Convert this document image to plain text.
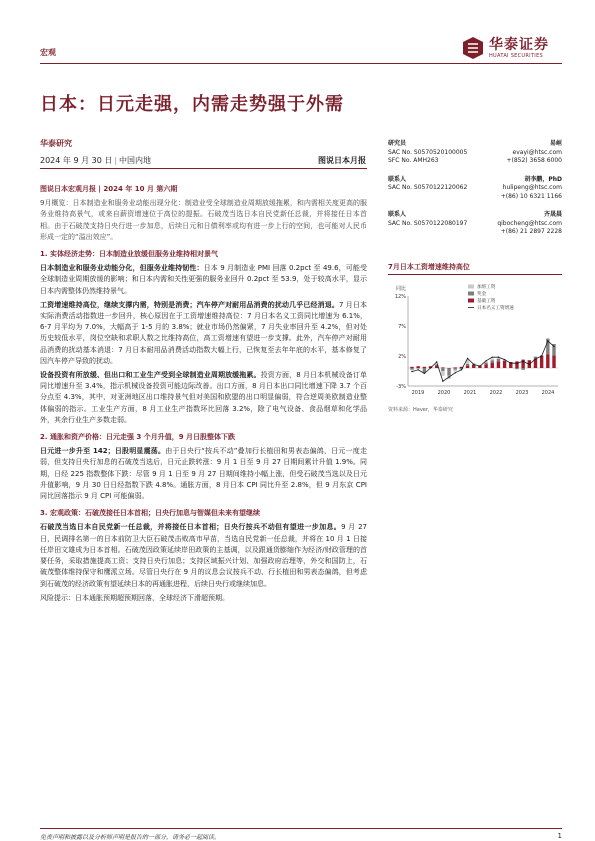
宏观	华泰证券
HUATAI SECURITIES
日本：日元走强，内需走势强于外需
华泰研究
2024 年 9 月 30 日 | 中国内地	图说日本月报
研究员	易峘
SAC No. S0570520100005	evayi@htsc.com
SFC No. AMH263	+(852) 3658 6000
联系人	胡李鹏，PhD
SAC No. S0570122120062	hulipeng@htsc.com
+(86) 10 6321 1166
联系人	齐晟晨
SAC No. S0570122080197	qibocheng@htsc.com
+(86) 21 2897 2228

图说日本宏观月报 | 2024 年 10 月 第六期

9月概览：日本制造业和服务业动能出现分化：制造业受全球制造业周期放缓拖累，和内需相关度更高的服务业维持高景气，或来自薪资增速位于高位的提振。石破茂当选日本自民党新任总裁，并将接任日本首相。由于石破茂支持日央行进一步加息，后续日元和日债利率或均有进一步上行的空间，也可能对人民币形成一定的“溢出效应”。

1. 实体经济走势：日本制造业放缓但服务业维持相对景气

日本制造业和服务业动能分化，但服务业维持韧性：日本 9 月制造业 PMI 回落 0.2pct 至 49.6，可能受全球制造业周期放缓的影响；和日本内需和关性更强的服务业回升 0.2pct 至 53.9，处于较高水平，显示日本内需整体仍然维持景气。

工资增速维持高位，继续支撑内需，特别是消费；汽车停产对耐用品消费的扰动几乎已经消退。7 月日本实际消费活动指数进一步回升，核心原因在于工资增速维持高位：7 月日本名义工资同比增速为 6.1%，6-7 月平均为 7.0%，大幅高于 1-5 月的 3.8%；就业市场仍然偏紧，7 月失业率回升至 4.2%，但对处历史较低水平，岗位空缺和求职人数之比维持高位，高工资增速有望进一步支撑。此外，汽车停产对耐用品消费的扰动基本消退：7 月日本耐用品消费活动指数大幅上行，已恢复至去年年底的水平，基本修复了因汽车停产导致的扰动。

设备投资有所放缓、但出口和工业生产受到全球制造业周期放缓拖累。投资方面，8 月日本机械设备订单同比增速升至 3.4%，指示机械设备投资可能边际改善。出口方面，8 月日本出口同比增速下降 3.7 个百分点至 4.3%，其中，对亚洲地区出口维持景气但对美国和欧盟的出口明显偏弱，符合逆周美欧制造业整体偏弱的指示。工业生产方面，8 月工业生产指数环比回落 3.2%，除了电气设备、食品烟草和化学品外，其余行业生产多数走弱。

2. 通胀和资产价格：日元走强 3 个月升值，9 月日股整体下跌

日元进一步升至 142；日股明显震荡。由于日央行“按兵不动”叠加行长植田和男表态偏鸽，日元一度走弱，但支持日央行加息的石破茂当选后，日元止跌转涨：9 月 1 日至 9 月 27 日期间累计升值 1.9%。同期，日经 225 指数整体下跌：尽管 9 月 1 日至 9 月 27 日期间维持小幅上涨，但受石破茂当选以及日元升值影响，9 月 30 日日经指数下跌 4.8%。通胀方面，8 月日本 CPI 同比升至 2.8%，但 9 月东京 CPI 同比回落指示 9 月 CPI 可能偏弱。

3. 宏观政策：石破茂接任日本首相；日央行加息与智媒但未来有望继续

石破茂当选日本自民党新一任总裁，并将接任日本首相；日央行按兵不动但有望进一步加息。9 月 27 日，民调排名第一的日本前防卫大臣石破茂击败高市早苗，当选自民党新一任总裁，并将在 10 月 1 日接任岸田文雄成为日本首相。石破茂因政策延续岸田政策的主基调，以及跟通货膨缩作为经济/财政管理的首要任务，采取措施提高工资；支持日央行加息；支持区域振兴计划、加强政府治理等，外交和国防上，石破茂整体维持保守和鹰派立场。尽管日央行在 9 月的议息会议按兵不动、行长植田和男表态偏鸽，但考虑到石破茂的经济政策有望延续日本的再通胀进程，后续日央行或继续加息。

风险提示：日本通胀预期超预期回落，全球经济下滑超预期。

7月日本工资增速维持高位
12%
7%
2%
-3%
同比
2019	2020	2021	2022	2023	2024
加班工资
奖金
基础工资
日本名义工资增速
资料来源：Haver，华泰研究
免责声明和披露以及分析师声明是报告的一部分，请务必一起阅读。	1
